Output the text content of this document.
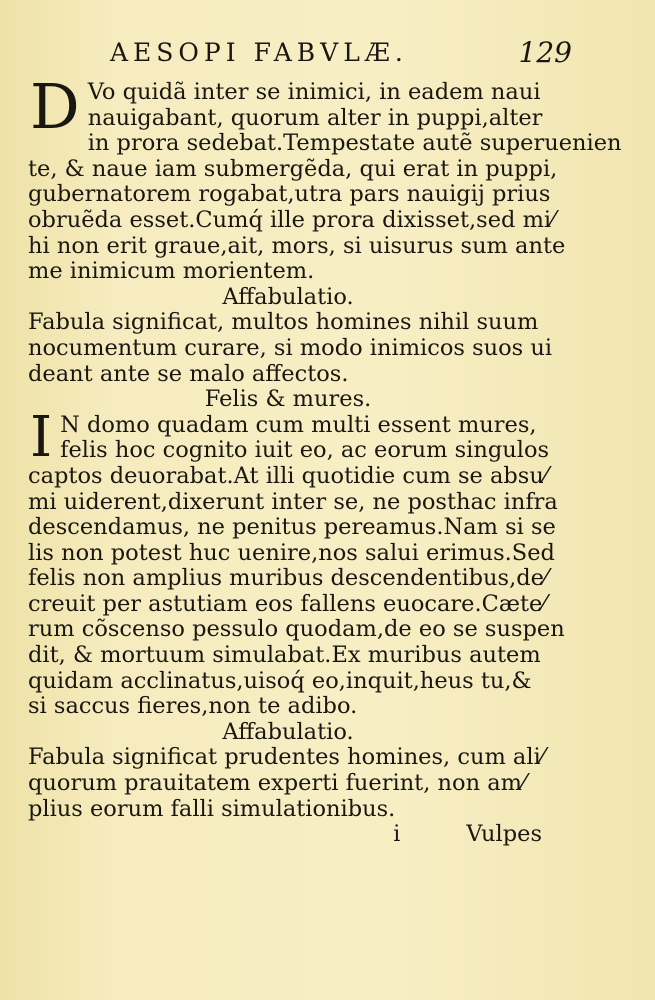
AESOPI FABVLÆ.	129
D Vo quidã inter se inimici, in eadem naui
nauigabant, quorum alter in puppi,alter
in prora sedebat.Tempestate autẽ superuenien
te, & naue iam submergẽda, qui erat in puppi,
gubernatorem rogabat,utra pars nauigij prius
obruẽda esset.Cumq́ ille prora dixisset,sed mi⁄
hi non erit graue,ait, mors, si uisurus sum ante
me inimicum morientem.
Affabulatio.
Fabula significat, multos homines nihil suum
nocumentum curare, si modo inimicos suos ui
deant ante se malo affectos.
Felis & mures.
I N domo quadam cum multi essent mures,
felis hoc cognito iuit eo, ac eorum singulos
captos deuorabat.At illi quotidie cum se absu⁄
mi uiderent,dixerunt inter se, ne posthac infra
descendamus, ne penitus pereamus.Nam si se
lis non potest huc uenire,nos salui erimus.Sed
felis non amplius muribus descendentibus,de⁄
creuit per astutiam eos fallens euocare.Cæte⁄
rum cõscenso pessulo quodam,de eo se suspen
dit, & mortuum simulabat.Ex muribus autem
quidam acclinatus,uisoq́ eo,inquit,heus tu,&
si saccus fieres,non te adibo.
Affabulatio.
Fabula significat prudentes homines, cum ali⁄
quorum prauitatem experti fuerint, non am⁄
plius eorum falli simulationibus.
i	Vulpes
